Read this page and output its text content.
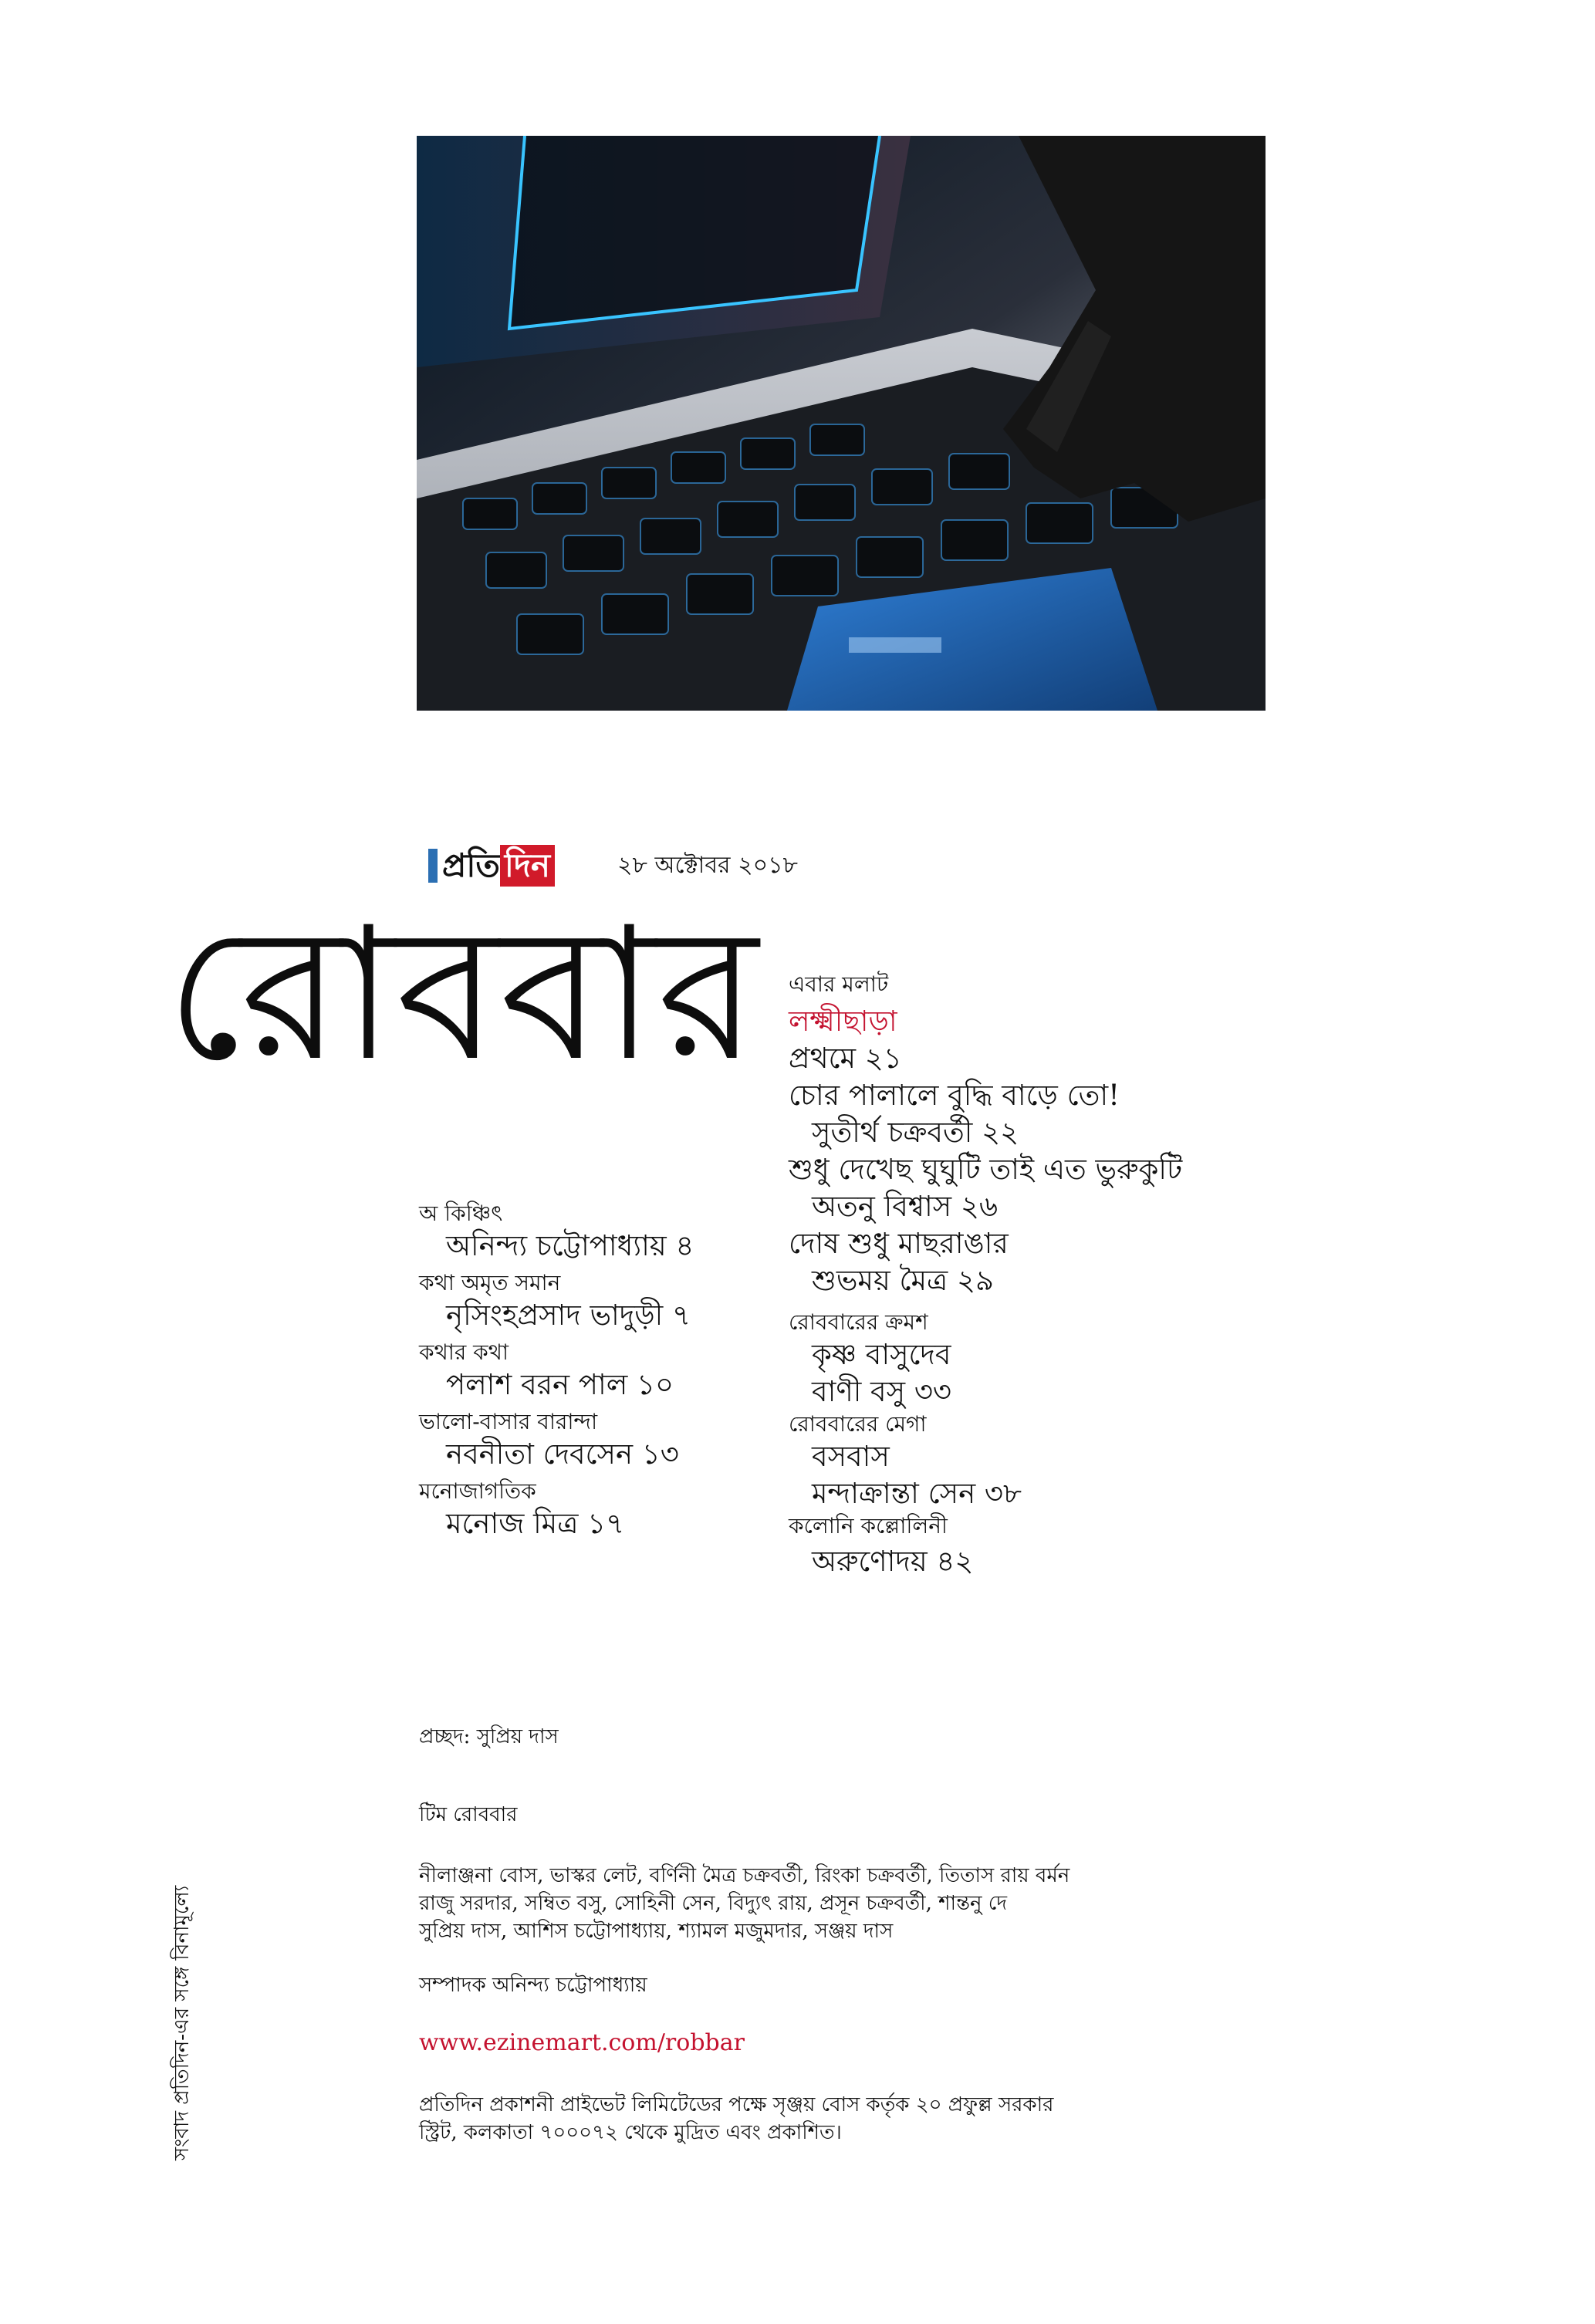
প্রতি দিন	২৮ অক্টোবর ২০১৮
রোববার এবার মলাট
লক্ষ্মীছাড়া
প্রথমে ২১
চোর পালালে বুদ্ধি বাড়ে তো!
সুতীর্থ চক্রবর্তী ২২
শুধু দেখেছ ঘুঘুটি তাই এত ভুরুকুটি
অতনু বিশ্বাস ২৬
দোষ শুধু মাছরাঙার
শুভময় মৈত্র ২৯
রোববারের ক্রমশ
কৃষ্ণ বাসুদেব
বাণী বসু ৩৩
রোববারের মেগা
বসবাস
মন্দাক্রান্তা সেন ৩৮
কলোনি কল্লোলিনী
অরুণোদয় ৪২
অ কিঞ্চিৎ
অনিন্দ্য চট্টোপাধ্যায় ৪
কথা অমৃত সমান
নৃসিংহপ্রসাদ ভাদুড়ী ৭
কথার কথা
পলাশ বরন পাল ১০
ভালো-বাসার বারান্দা
নবনীতা দেবসেন ১৩
মনোজাগতিক
মনোজ মিত্র ১৭
প্রচ্ছদ: সুপ্রিয় দাস
টিম রোববার
নীলাঞ্জনা বোস, ভাস্কর লেট, বর্ণিনী মৈত্র চক্রবর্তী, রিংকা চক্রবর্তী, তিতাস রায় বর্মন
রাজু সরদার, সম্বিত বসু, সোহিনী সেন, বিদ্যুৎ রায়, প্রসূন চক্রবর্তী, শান্তনু দে
সুপ্রিয় দাস, আশিস চট্টোপাধ্যায়, শ্যামল মজুমদার, সঞ্জয় দাস
সম্পাদক অনিন্দ্য চট্টোপাধ্যায়
www.ezinemart.com/robbar
প্রতিদিন প্রকাশনী প্রাইভেট লিমিটেডের পক্ষে সৃঞ্জয় বোস কর্তৃক ২০ প্রফুল্ল সরকার
স্ট্রিট, কলকাতা ৭০০০৭২ থেকে মুদ্রিত এবং প্রকাশিত।
সংবাদ প্রতিদিন-এর সঙ্গে বিনামূল্যে
